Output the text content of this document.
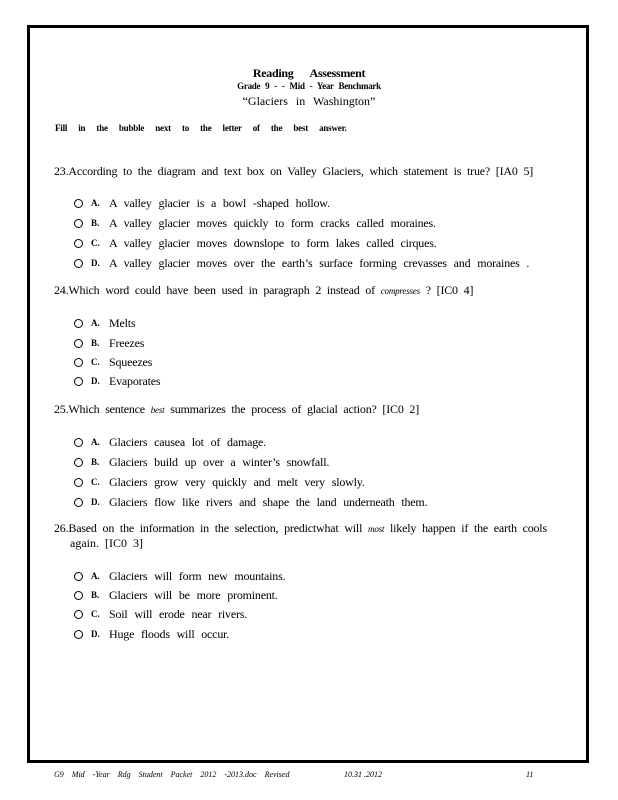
Reading Assessment
Grade 9 - - Mid - Year Benchmark
“Glaciers in Washington”
Fill in the bubble next to the letter of the best answer.
23.According to the diagram and text box on Valley Glaciers, which statement is true? [IA0 5]
A. A valley glacier is a bowl -shaped hollow.
B. A valley glacier moves quickly to form cracks called moraines.
C. A valley glacier moves downslope to form lakes called cirques.
D. A valley glacier moves over the earth’s surface forming crevasses and moraines .
24.Which word could have been used in paragraph 2 instead of compresses ? [IC0 4]
A. Melts
B. Freezes
C. Squeezes
D. Evaporates
25.Which sentence best summarizes the process of glacial action? [IC0 2]
A. Glaciers causea lot of damage.
B. Glaciers build up over a winter’s snowfall.
C. Glaciers grow very quickly and melt very slowly.
D. Glaciers flow like rivers and shape the land underneath them.
26.Based on the information in the selection, predictwhat will most likely happen if the earth cools
again. [IC0 3]
A. Glaciers will form new mountains.
B. Glaciers will be more prominent.
C. Soil will erode near rivers.
D. Huge floods will occur.
G9 Mid -Year Rdg Student Packet 2012 -2013.doc Revised	10.31 .2012	11
